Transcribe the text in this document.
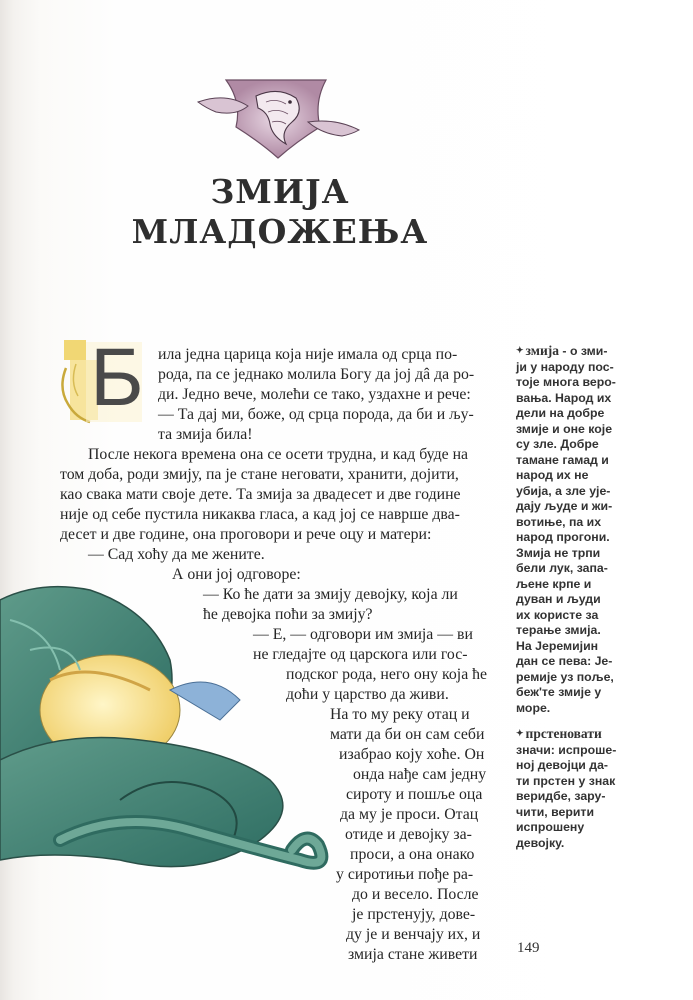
ЗМИЈА
МЛАДОЖЕЊА
Б ила једна царица која није имала од срца по-

рода, па се једнако молила Богу да јој дâ да ро-

ди. Једно вече, молећи се тако, уздахне и рече:

— Та дај ми, боже, од срца порода, да би и љу-

та змија била!

После некога времена она се осети трудна, и кад буде на

том доба, роди змију, па је стане неговати, хранити, дојити,

као свака мати своје дете. Та змија за двадесет и две године

није од себе пустила никаква гласа, а кад јој се навршe два-

десет и две године, она проговори и рече оцу и матери:

— Сад хоћу да ме жените.

А они јој одговоре:

— Ко ће дати за змију девојку, која ли

ће девојка поћи за змију?

— Е, — одговори им змија — ви

не гледајте од царскога или гос-

подског рода, него ону која ће

доћи у царство да живи.

На то му реку отац и

мати да би он сам себи

изабрао коју хоће. Он

онда нађе сам једну

сироту и пошље оца

да му је проси. Отац

отиде и девојку за-

проси, а она онако

у сиротињи пође ра-

до и весело. После

је прстенују, дове-

ду је и венчају их, и

змија стане живети

✦ змија - о зми-
ји у народу пос-
тоје многа веро-
вања. Народ их
дели на добре
змије и оне које
су зле. Добре
тамане гамад и
народ их не
убија, а зле ује-
дају људе и жи-
вотиње, па их
народ прогони.
Змија не трпи
бели лук, запа-
љене крпе и
дуван и људи
их користе за
терање змија.
На Јеремијин
дан се пева: Је-
ремије уз поље,
беж'те змије у
море.
✦ прстеновати
значи: испроше-
ној девојци да-
ти прстен у знак
веридбе, зару-
чити, верити
испрошену
девојку.
149
